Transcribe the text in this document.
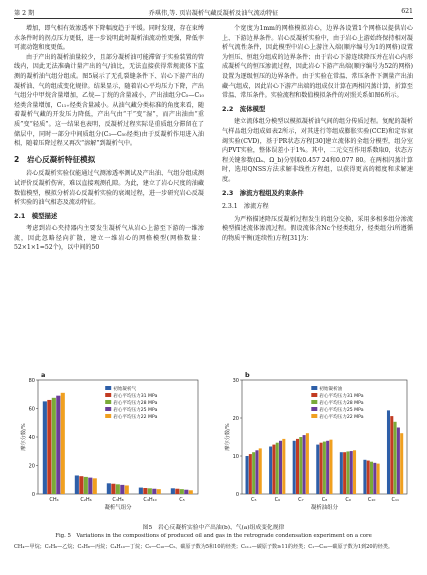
第 2 期	乔琪伟,等. 页岩凝析气藏反凝析及油气流动特征	621

增加，即气相有效渗透率下降幅度趋于平缓。同时发现，存在束缚水条件时的拐点压力更低，进一步说明此时凝析油流动性更强，降低孪可流动饱和度更低。

由于产出的凝析油量较少，且部分凝析油可能滞留于实验装置的管线内，因此无法准确计量产出的气/油比，无法直接获得常规流体下监测的凝析油气组分组成。图5展示了无孔裂缝条件下、岩心下游产出的凝析油、气的组成变化规律。结果显示，随着岩心平均压力下降，产出气组分中甲烷含量增加，乙烷—丁烷的含量减小，产出油组分C₅—C₁₀烃类含量增加，C₁₁₊烃类含量减小。从油气藏分类标准的角度来看，随着凝析气藏的开发压力降低，产出气由“干”变“湿”，而产出油由“重质”变“轻质”。这一结果也表明，反凝析过程实际是重质组分滞留在了储层中，同时一部分中间质组分(C₃—C₅₀烃类)由于反凝析作用进入油相，随着压降过程又再次“溶解”到凝析气中。

2　岩心反凝析特征模拟

岩心反凝析实验仅能通过气测渗透率测试及产出油、气组分组成测试评价反凝析伤害，难以直接观测孔隙。为此，建立了岩心尺度的油藏数值模型，模拟分析岩心反凝析实验的衰竭过程，进一步研究岩心反凝析实验的油气相态及流动特征。

2.1　模型描述

考虑到岩心夹持器内主要发生凝析气从岩心上游至下游的一维渗流，因此忽略径向扩散，建立一维岩心的网格模型(网格数量：52×1×1=52个)，以中间的50

个宽度为1mm的网格模拟岩心，边界各设置1个网格以提供岩心上、下游边界条件。岩心反凝析实验中，由于岩心上游始终保持相对凝析气流性条件，因此模型中岩心上游注入端(顺序编号为1的网格)设置为恒压、恒组分组成的边界条件；由于岩心下游连续降压并在岩心内形成凝析气的恒压渗流过程，因此岩心下游产出端(顺序编号为52的网格)设置为逐级恒压的边界条件。由于实验在常温、常压条件下测量产出油藏·气组成，因此岩心下游产出端的组成仅计算在两相闪蒸计算，折算至常温、常压条件。实验流程和数值模拟条件的对照关系如图6所示。

2.2　流体模型

建立流体组分模型以模拟凝析油气间的组分传质过程。复配的凝析气样品组分组成如表2所示，对其进行等组成膨胀实验(CCE)和定容衰竭实验(CVD)，基于PR状态方程[30]建立流体的全组分模型，组分室内PVT实验，整体误差小于1%。其中，二元交互作用系数取0，状态方程关键参数(Ωₐ、Ω_b)分别取0.457 24和0.077 80。在两相闪蒸计算时，选用QNSS方法求解非线性方程组，以获得更高的精度和求解速度。

2.3　渗流方程组及约束条件
2.3.1　渗流方程

为严格描述降压反凝析过程发生的组分交换，采用多相多组分渗流模型描述流体渗流过程。假设流体含Nc个烃类组分，烃类组分i所遵循的物质平衡(连续性)方程[31]为：

0
20
40
60
80
摩尔分数/%
CH₄	C₂H₆	C₃H₈	C₄H₁₀	C₅
凝析气组分
a
初始凝析气
岩心平均压力31 MPa
岩心平均压力28 MPa
岩心平均压力25 MPa
岩心平均压力22 MPa
0
10
20
30
摩尔分数/%
C₅	C₆	C₇	C₈	C₉	C₁₀	C₁₁
凝析油组分
b
初始凝析油
岩心平均压力31 MPa
岩心平均压力28 MPa
岩心平均压力25 MPa
岩心平均压力22 MPa
图5　岩心反凝析实验中产出油(b)、气(a)组成变化规律
Fig. 5　Variations in the compositions of produced oil and gas in the retrograde condensation experiment on a core
CH₄—甲烷；C₂H₆—乙烷；C₃H₈—丙烷；C₄H₁₀—丁烷；C₅—C₁₀—C₅、碳原子数为5和10的烃类；C₁₁₊—碳原子数≥11的烃类；C₁—C₂₀—碳原子数为1到20的烃类。
